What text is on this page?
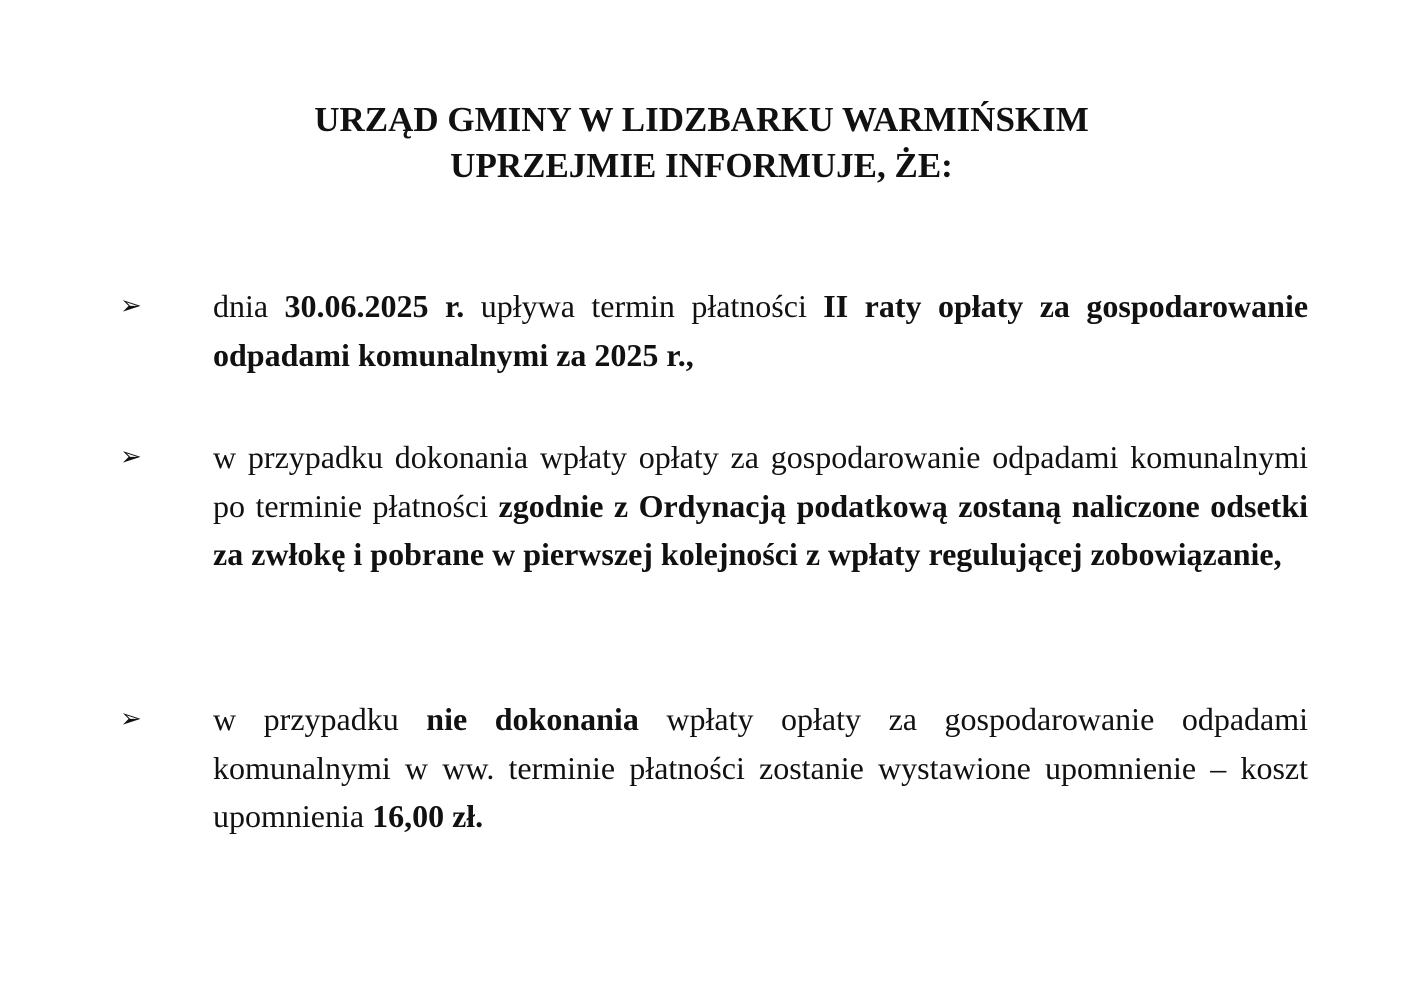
URZĄD GMINY W LIDZBARKU WARMIŃSKIM
UPRZEJMIE INFORMUJE, ŻE:
➢ dnia 30.06.2025 r. upływa termin płatności II raty opłaty za gospodarowanie odpadami komunalnymi za 2025 r.,
➢ w przypadku dokonania wpłaty opłaty za gospodarowanie odpadami komunalnymi po terminie płatności zgodnie z Ordynacją podatkową zostaną naliczone odsetki za zwłokę i pobrane w pierwszej kolejności z wpłaty regulującej zobowiązanie,
➢ w przypadku nie dokonania wpłaty opłaty za gospodarowanie odpadami komunalnymi w ww. terminie płatności zostanie wystawione upomnienie – koszt upomnienia 16,00 zł.
